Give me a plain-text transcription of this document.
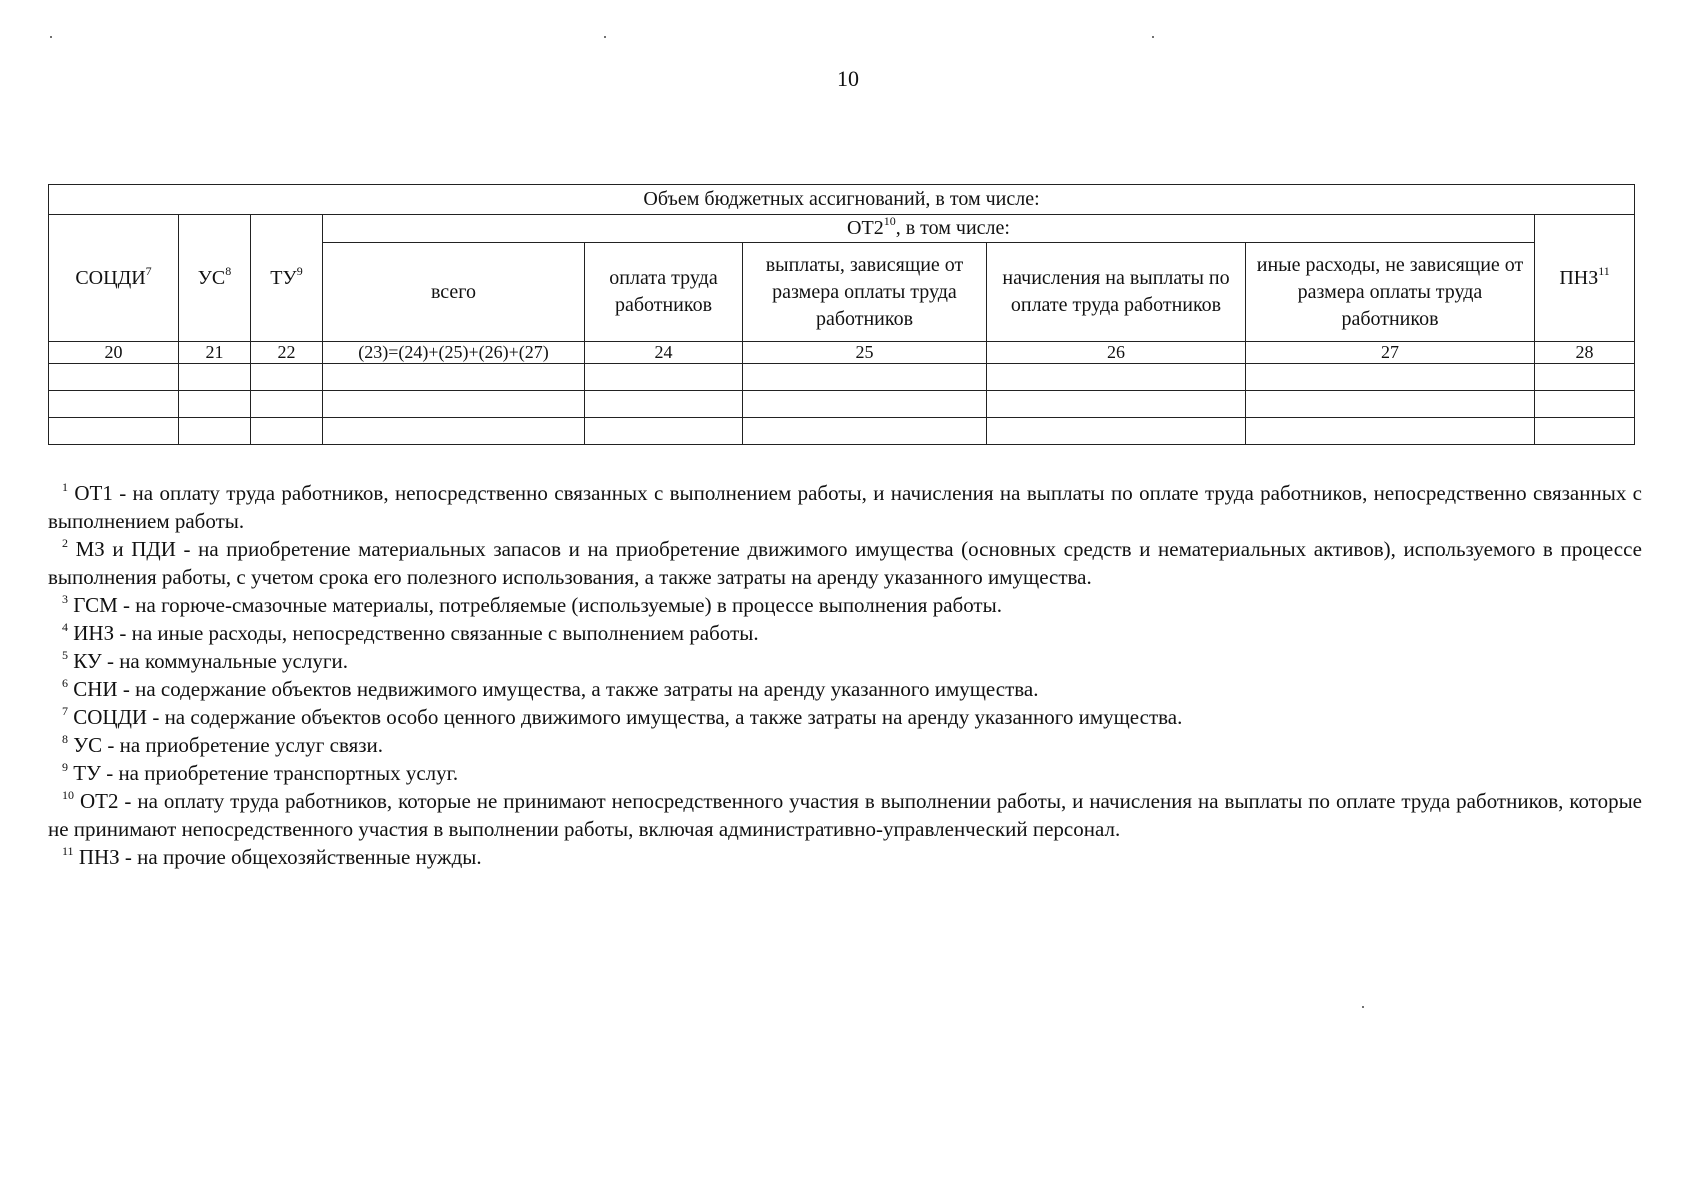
10
Объем бюджетных ассигнований, в том числе:								
СОЦДИ$^7$	$УС^8$	$ТУ^9$	$ОТ2^{10}$, в том числе:					ПНЗ$^{11}$
			всего	оплата труда работников	выплаты, зависящие от размера оплаты труда работников	начисления на выплаты по оплате труда работников	иные расходы, не зависящие от размера оплаты труда работников	
20	21	22	(23)=(24)+(25)+(26)+(27)	24	25	26	27	28

$^1$ ОТ1 - на оплату труда работников, непосредственно связанных с выполнением работы, и начисления на выплаты по оплате труда работников, непосредственно связанных с выполнением работы.

$^2$ МЗ и ПДИ - на приобретение материальных запасов и на приобретение движимого имущества (основных средств и нематериальных активов), используемого в процессе выполнения работы, с учетом срока его полезного использования, а также затраты на аренду указанного имущества.

$^3$ ГСМ - на горюче-смазочные материалы, потребляемые (используемые) в процессе выполнения работы.

$^4$ ИНЗ - на иные расходы, непосредственно связанные с выполнением работы.

$^5$ КУ - на коммунальные услуги.

$^6$ СНИ - на содержание объектов недвижимого имущества, а также затраты на аренду указанного имущества.

$^7$ СОЦДИ - на содержание объектов особо ценного движимого имущества, а также затраты на аренду указанного имущества.

$^8$ УС - на приобретение услуг связи.

$^9$ ТУ - на приобретение транспортных услуг.

$^{10}$ ОТ2 - на оплату труда работников, которые не принимают непосредственного участия в выполнении работы, и начисления на выплаты по оплате труда работников, которые не принимают непосредственного участия в выполнении работы, включая административно-управленческий персонал.

$^{11}$ ПНЗ - на прочие общехозяйственные нужды.
